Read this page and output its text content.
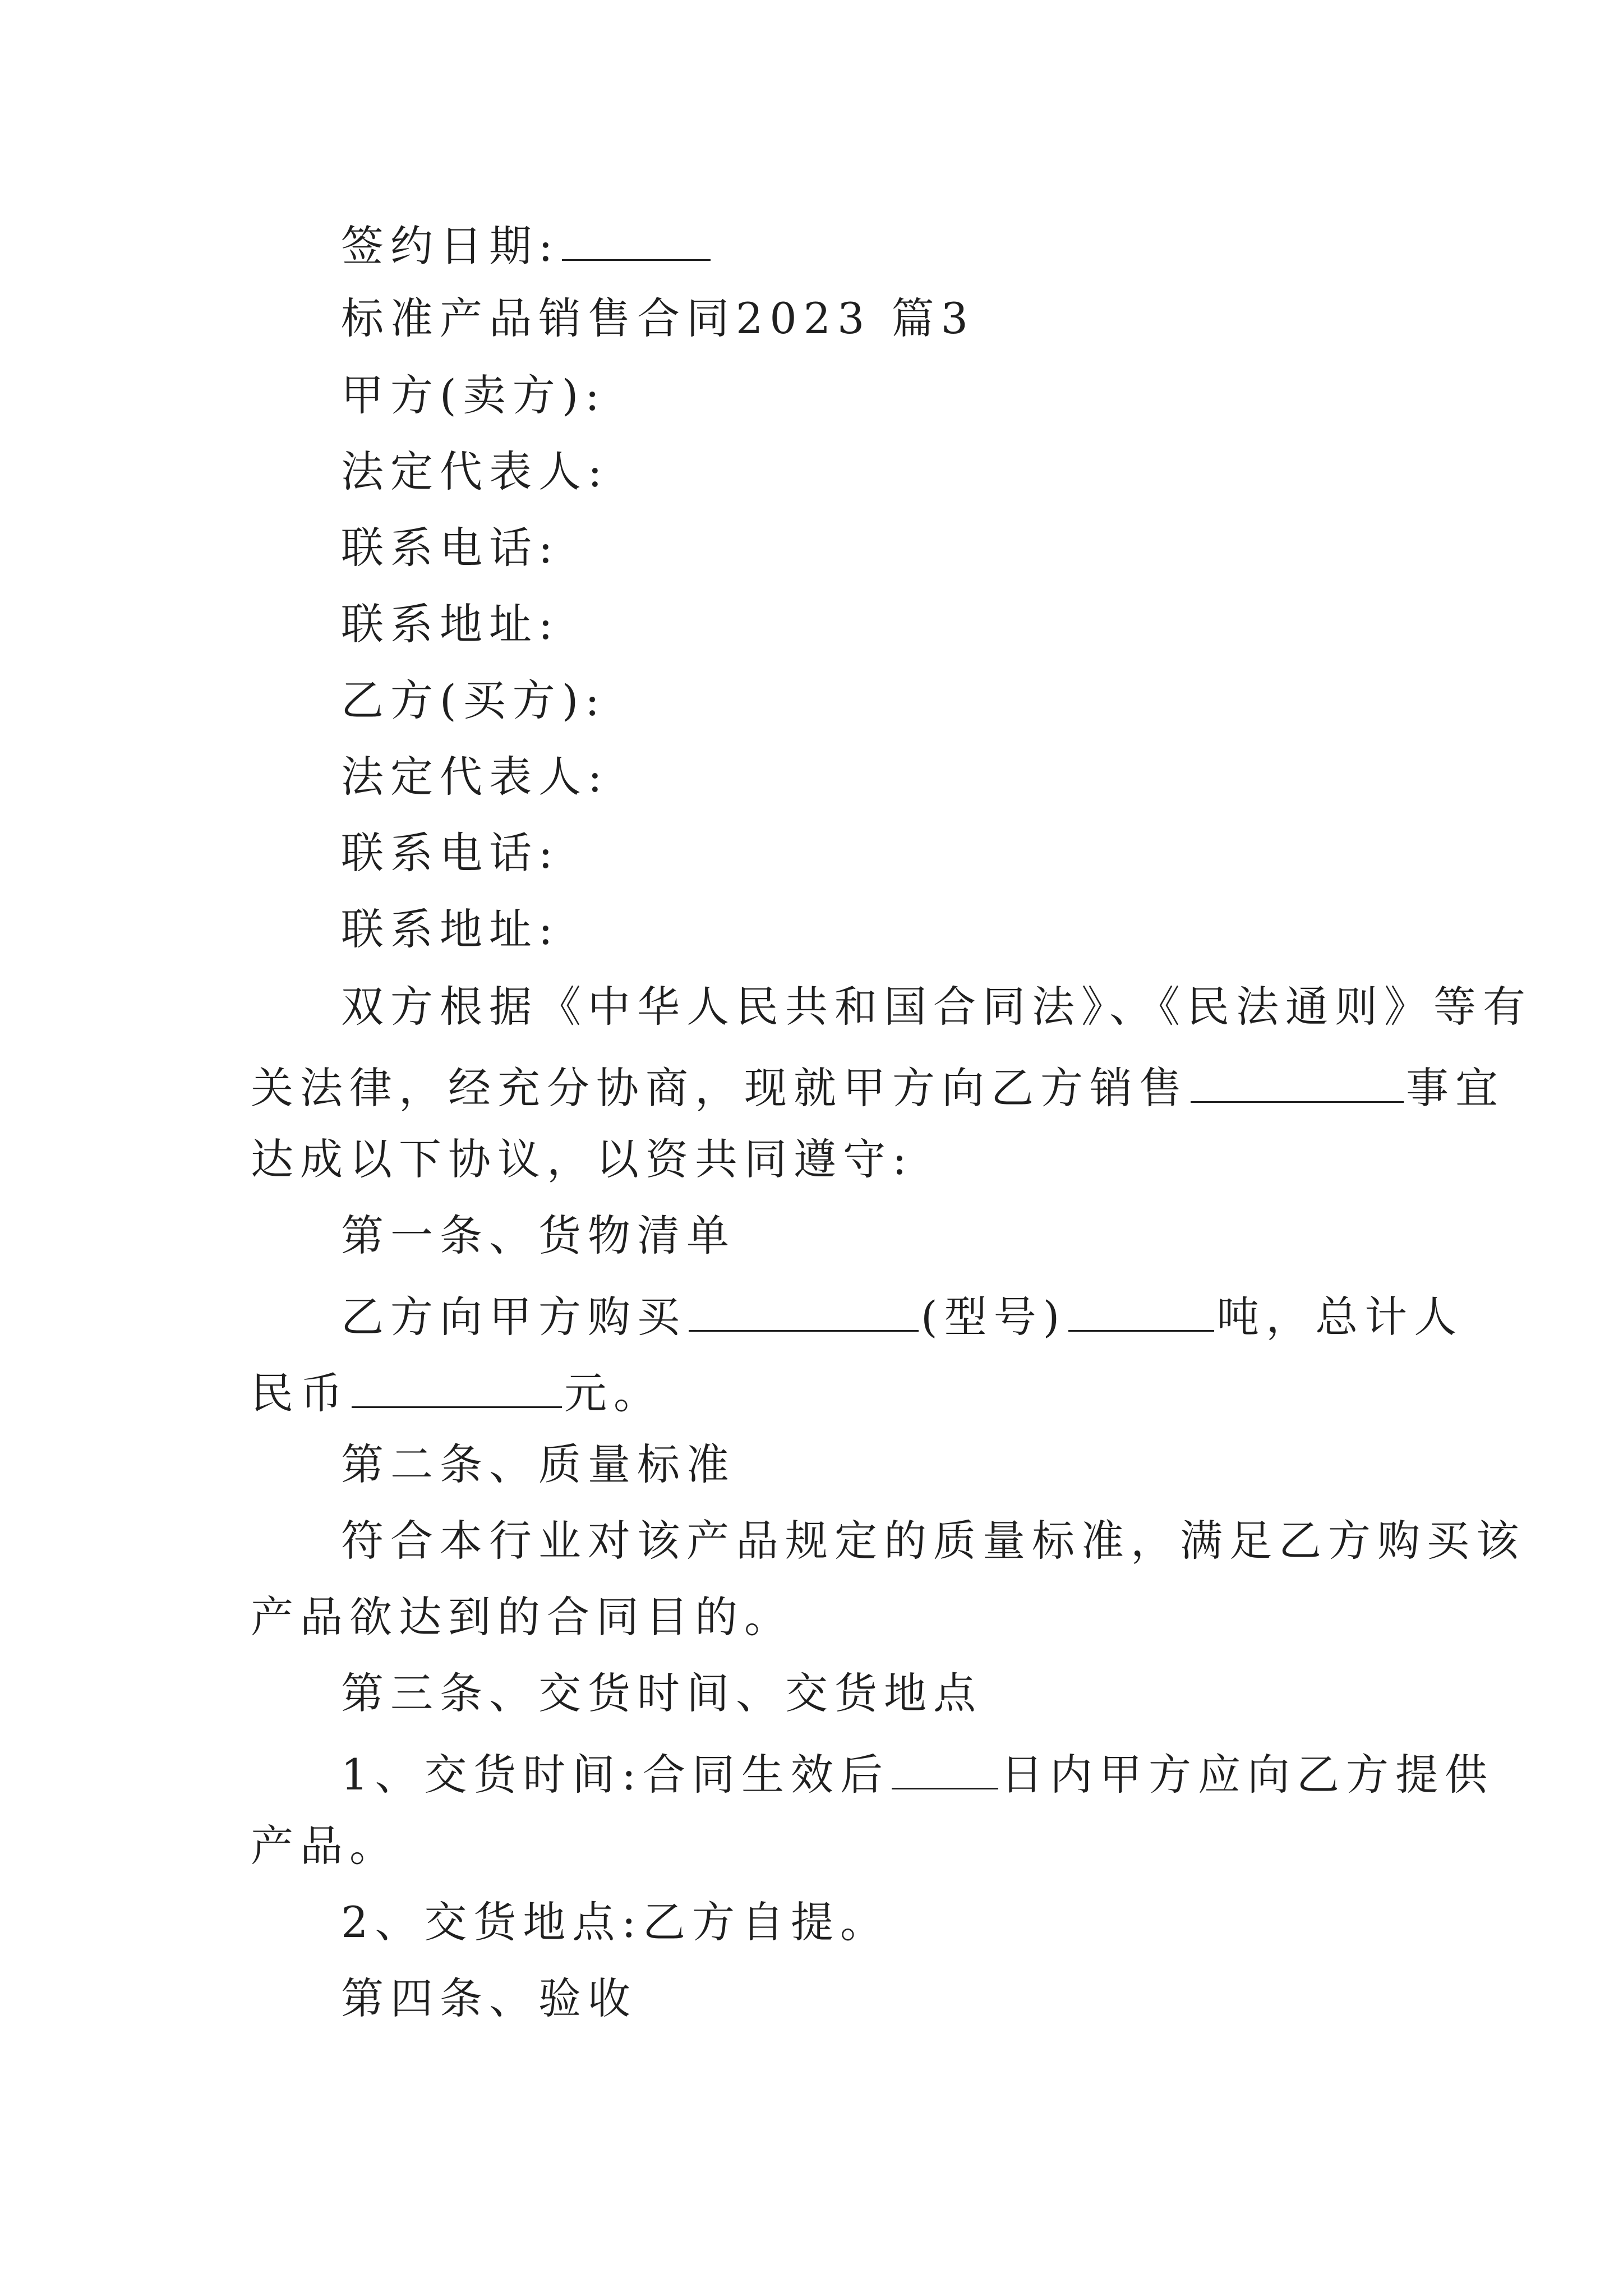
签约日期:
标准产品销售合同2023 篇3
甲方(卖方):
法定代表人:
联系电话:
联系地址:
乙方(买方):
法定代表人:
联系电话:
联系地址:
双方根据《中华人民共和国合同法》、《民法通则》等有
关法律，经充分协商，现就甲方向乙方销售	事宜
达成以下协议，以资共同遵守:
第一条、货物清单
乙方向甲方购买	(型号)	吨，总计人
民币	元。
第二条、质量标准
符合本行业对该产品规定的质量标准，满足乙方购买该
产品欲达到的合同目的。
第三条、交货时间、交货地点
1、交货时间:合同生效后	日内甲方应向乙方提供
产品。
2、交货地点:乙方自提。
第四条、验收
